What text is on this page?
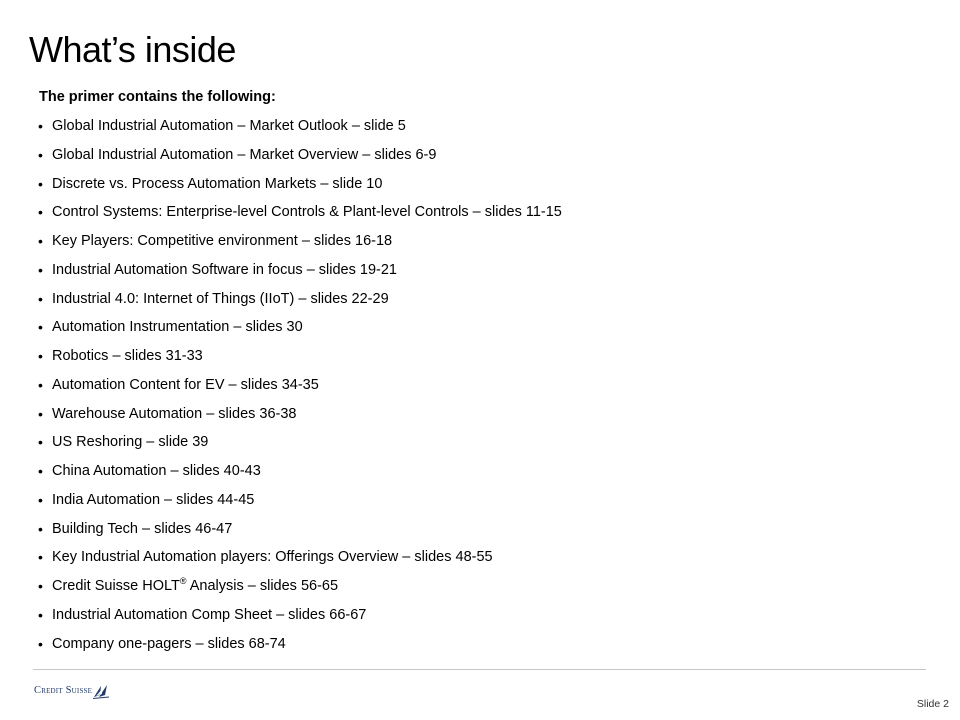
What’s inside

The primer contains the following:

• Global Industrial Automation – Market Outlook – slide 5
• Global Industrial Automation – Market Overview – slides 6-9
• Discrete vs. Process Automation Markets – slide 10
• Control Systems: Enterprise-level Controls & Plant-level Controls – slides 11-15
• Key Players: Competitive environment – slides 16-18
• Industrial Automation Software in focus – slides 19-21
• Industrial 4.0: Internet of Things (IIoT) – slides 22-29
• Automation Instrumentation – slides 30
• Robotics – slides 31-33
• Automation Content for EV – slides 34-35
• Warehouse Automation – slides 36-38
• US Reshoring – slide 39
• China Automation – slides 40-43
• India Automation – slides 44-45
• Building Tech – slides 46-47
• Key Industrial Automation players: Offerings Overview – slides 48-55
• Credit Suisse HOLT® Analysis – slides 56-65
• Industrial Automation Comp Sheet – slides 66-67
• Company one-pagers – slides 68-74
Credit Suisse
Slide 2
